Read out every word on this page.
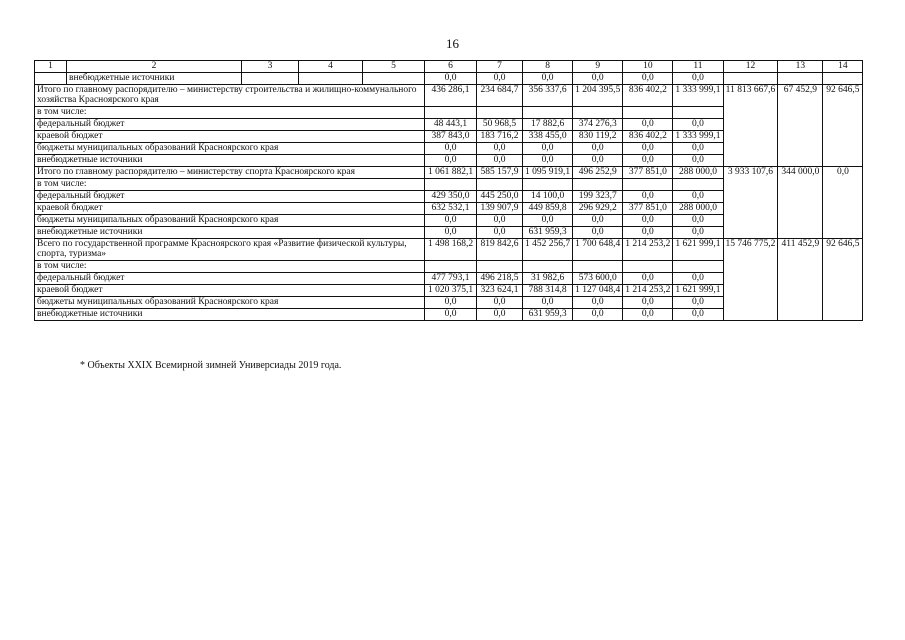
16
1	2	3	4	5	6	7	8	9	10	11	12	13	14
	внебюджетные источники				0,0	0,0	0,0	0,0	0,0	0,0			
Итого по главному распорядителю – министерству строительства и жилищно-коммунального хозяйства Красноярского края					436 286,1	234 684,7	356 337,6	1 204 395,5	836 402,2	1 333 999,1	11 813 667,6	67 452,9	92 646,5
в том числе:													
федеральный бюджет					48 443,1	50 968,5	17 882,6	374 276,3	0,0	0,0			
краевой бюджет					387 843,0	183 716,2	338 455,0	830 119,2	836 402,2	1 333 999,1			
бюджеты муниципальных образований Красноярского края					0,0	0,0	0,0	0,0	0,0	0,0			
внебюджетные источники					0,0	0,0	0,0	0,0	0,0	0,0			
Итого по главному распорядителю – министерству спорта Красноярского края					1 061 882,1	585 157,9	1 095 919,1	496 252,9	377 851,0	288 000,0	3 933 107,6	344 000,0	0,0
в том числе:													
федеральный бюджет					429 350,0	445 250,0	14 100,0	199 323,7	0,0	0,0			
краевой бюджет					632 532,1	139 907,9	449 859,8	296 929,2	377 851,0	288 000,0			
бюджеты муниципальных образований Красноярского края					0,0	0,0	0,0	0,0	0,0	0,0			
внебюджетные источники					0,0	0,0	631 959,3	0,0	0,0	0,0			
Всего по государственной программе Красноярского края «Развитие физической культуры, спорта, туризма»					1 498 168,2	819 842,6	1 452 256,7	1 700 648,4	1 214 253,2	1 621 999,1	15 746 775,2	411 452,9	92 646,5
в том числе:													
федеральный бюджет					477 793,1	496 218,5	31 982,6	573 600,0	0,0	0,0			
краевой бюджет					1 020 375,1	323 624,1	788 314,8	1 127 048,4	1 214 253,2	1 621 999,1			
бюджеты муниципальных образований Красноярского края					0,0	0,0	0,0	0,0	0,0	0,0			
внебюджетные источники					0,0	0,0	631 959,3	0,0	0,0	0,0			
* Объекты XXIX Всемирной зимней Универсиады 2019 года.
